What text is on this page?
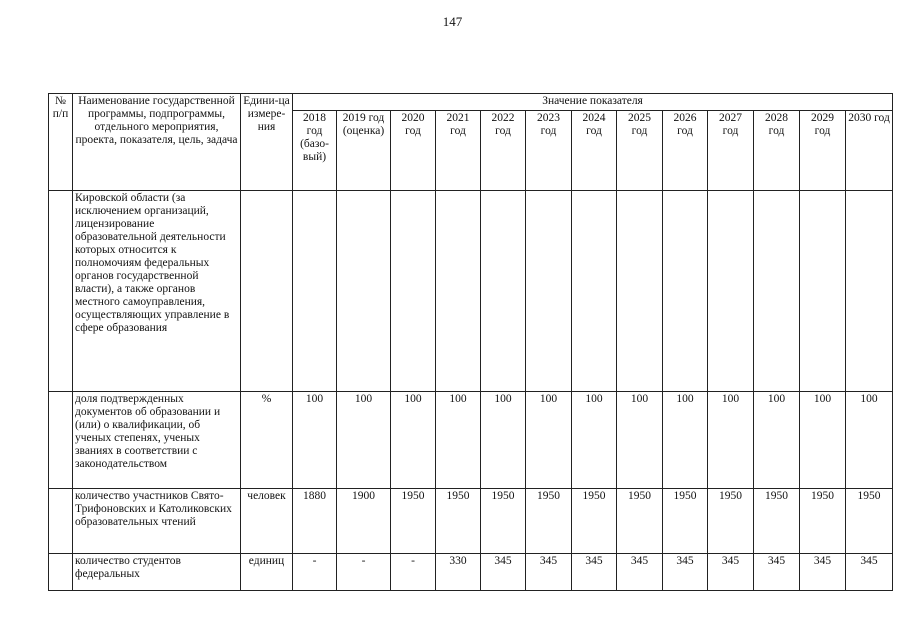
147
№ п/п	Наименование государственной программы, подпрограммы, отдельного мероприятия, проекта, показателя, цель, задача	Едини-ца измере-ния	Значение показателя												
			2018 год (базо-вый)	2019 год (оценка)	2020 год	2021 год	2022 год	2023 год	2024 год	2025 год	2026 год	2027 год	2028 год	2029 год	2030 год
	Кировской области (за исключением организаций, лицензирование образовательной деятельности которых относится к полномочиям федеральных органов государственной власти), а также органов местного самоуправления, осуществляющих управление в сфере образования														
	доля подтвержденных документов об образовании и (или) о квалификации, об ученых степенях, ученых званиях в соответствии с законодательством	%	100	100	100	100	100	100	100	100	100	100	100	100	100
	количество участников Свято-Трифоновских и Католиковских образовательных чтений	человек	1880	1900	1950	1950	1950	1950	1950	1950	1950	1950	1950	1950	1950
	количество студентов федеральных	единиц	-	-	-	330	345	345	345	345	345	345	345	345	345
